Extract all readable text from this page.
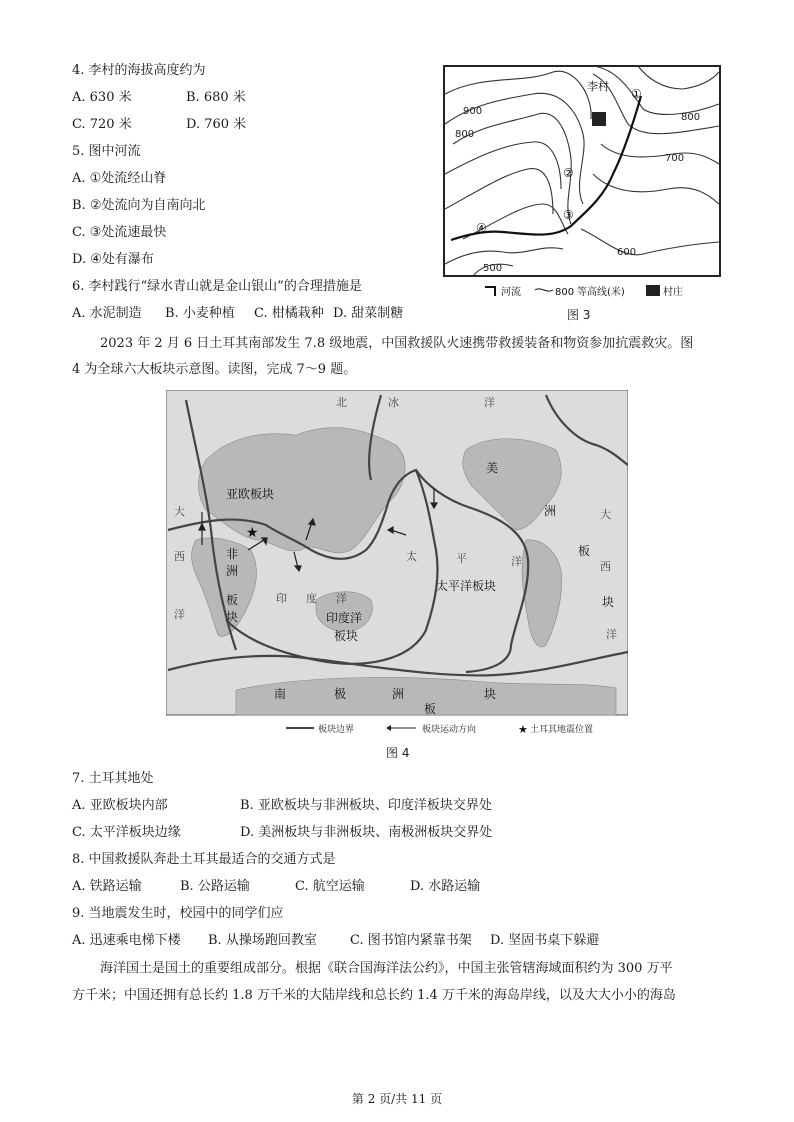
4. 李村的海拔高度约为
A. 630 米	B. 680 米
C. 720 米	D. 760 米
5. 图中河流
A. ①处流经山脊
B. ②处流向为自南向北
C. ③处流速最快
D. ④处有瀑布
6. 李村践行“绿水青山就是金山银山”的合理措施是
A. 水泥制造 B. 小麦种植 C. 柑橘栽种 D. 甜菜制糖
李村
900
800
800
700
600
500
①
②
③
④
河流	800 等高线(米)	村庄
图 3
2023 年 2 月 6 日土耳其南部发生 7.8 级地震，中国救援队火速携带救援装备和物资参加抗震救灾。图
4 为全球六大板块示意图。读图，完成 7～9 题。
★
亚欧板块
非
洲
板
块	印度洋
板块
太平洋板块
美
洲
板
块
南	极	洲
板
块
北	冰	洋
大
西
洋
印 度 洋
太	平	洋
大
西
洋
板块边界	板块运动方向	★ 土耳其地震位置
图 4
7. 土耳其地处
A. 亚欧板块内部	B. 亚欧板块与非洲板块、印度洋板块交界处
C. 太平洋板块边缘	D. 美洲板块与非洲板块、南极洲板块交界处
8. 中国救援队奔赴土耳其最适合的交通方式是
A. 铁路运输	B. 公路运输	C. 航空运输	D. 水路运输
9. 当地震发生时，校园中的同学们应
A. 迅速乘电梯下楼 B. 从操场跑回教室	C. 图书馆内紧靠书架 D. 坚固书桌下躲避
海洋国土是国土的重要组成部分。根据《联合国海洋法公约》，中国主张管辖海域面积约为 300 万平
方千米；中国还拥有总长约 1.8 万千米的大陆岸线和总长约 1.4 万千米的海岛岸线，以及大大小小的海岛
第 2 页/共 11 页
